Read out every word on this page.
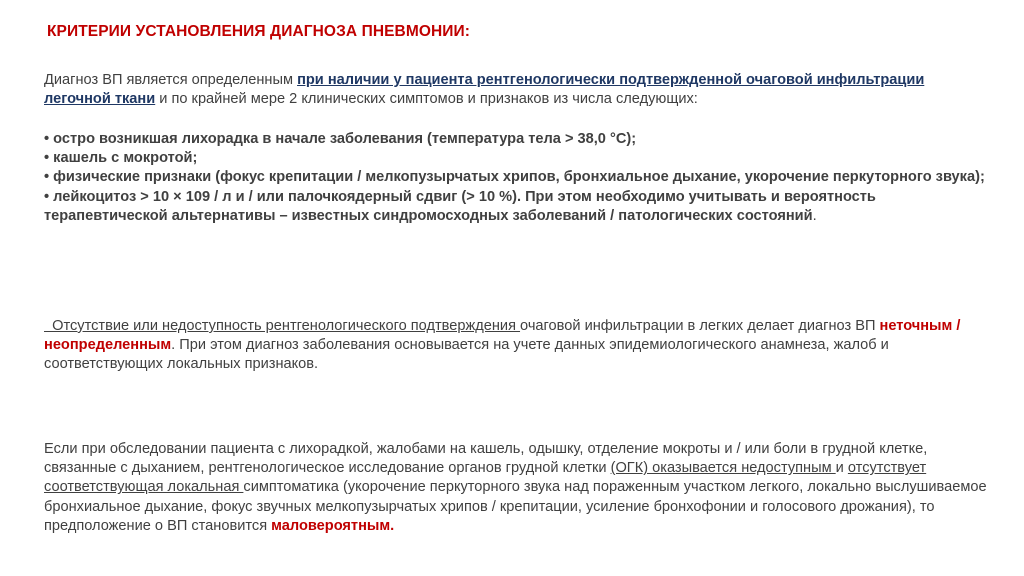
КРИТЕРИИ УСТАНОВЛЕНИЯ ДИАГНОЗА ПНЕВМОНИИ:
Диагноз ВП является определенным при наличии у пациента рентгенологически подтвержденной очаговой инфильтрации легочной ткани и по крайней мере 2 клинических симптомов и признаков из числа следующих:
• остро возникшая лихорадка в начале заболевания (температура тела > 38,0 °С);
• кашель с мокротой;
• физические признаки (фокус крепитации / мелкопузырчатых хрипов, бронхиальное дыхание, укорочение перкуторного звука);
• лейкоцитоз > 10 × 109 / л и / или палочкоядерный сдвиг (> 10 %). При этом необходимо учитывать и вероятность терапевтической альтернативы – известных синдромосходных заболеваний / патологических состояний.
Отсутствие или недоступность рентгенологического подтверждения очаговой инфильтрации в легких делает диагноз ВП неточным / неопределенным. При этом диагноз заболевания основывается на учете данных эпидемиологического анамнеза, жалоб и соответствующих локальных признаков.
Если при обследовании пациента с лихорадкой, жалобами на кашель, одышку, отделение мокроты и / или боли в грудной клетке, связанные с дыханием, рентгенологическое исследование органов грудной клетки (ОГК) оказывается недоступным и отсутствует соответствующая локальная симптоматика (укорочение перкуторного звука над пораженным участком легкого, локально выслушиваемое бронхиальное дыхание, фокус звучных мелкопузырчатых хрипов / крепитации, усиление бронхофонии и голосового дрожания), то предположение о ВП становится маловероятным.
